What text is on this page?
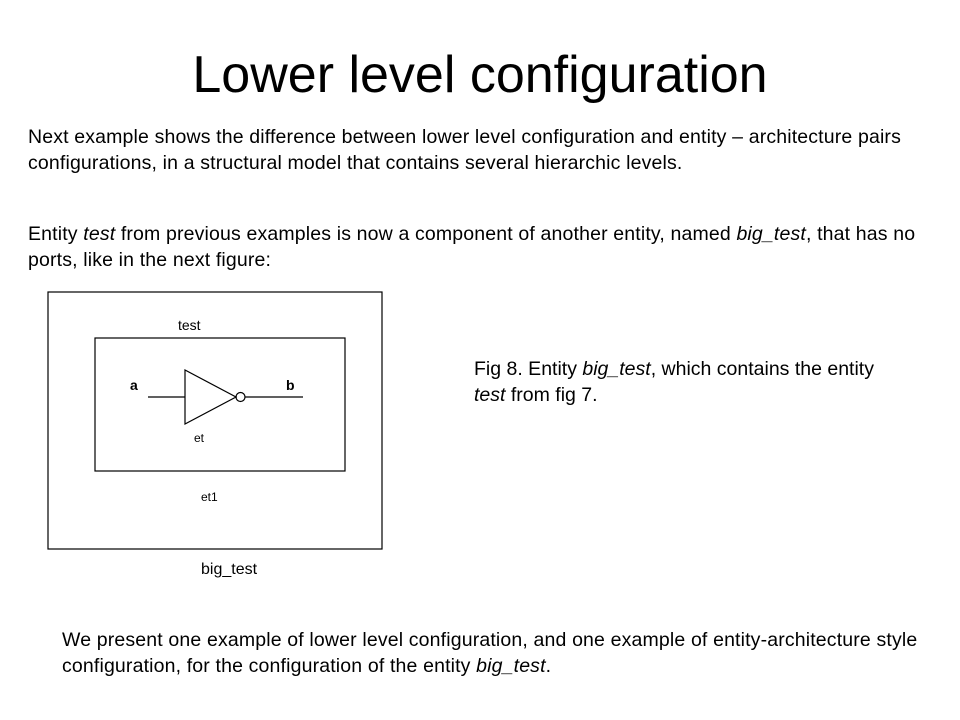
Lower level configuration
Next example shows the difference between lower level configuration and entity – architecture pairs configurations, in a structural model that contains several hierarchic levels.
Entity test from previous examples is now a component of another entity, named big_test, that has no ports, like in the next figure:
test
a	b
et
et1
big_test
Fig 8. Entity big_test, which contains the entity test from fig 7.
We present one example of lower level configuration, and one example of entity-architecture style configuration, for the configuration of the entity big_test.
